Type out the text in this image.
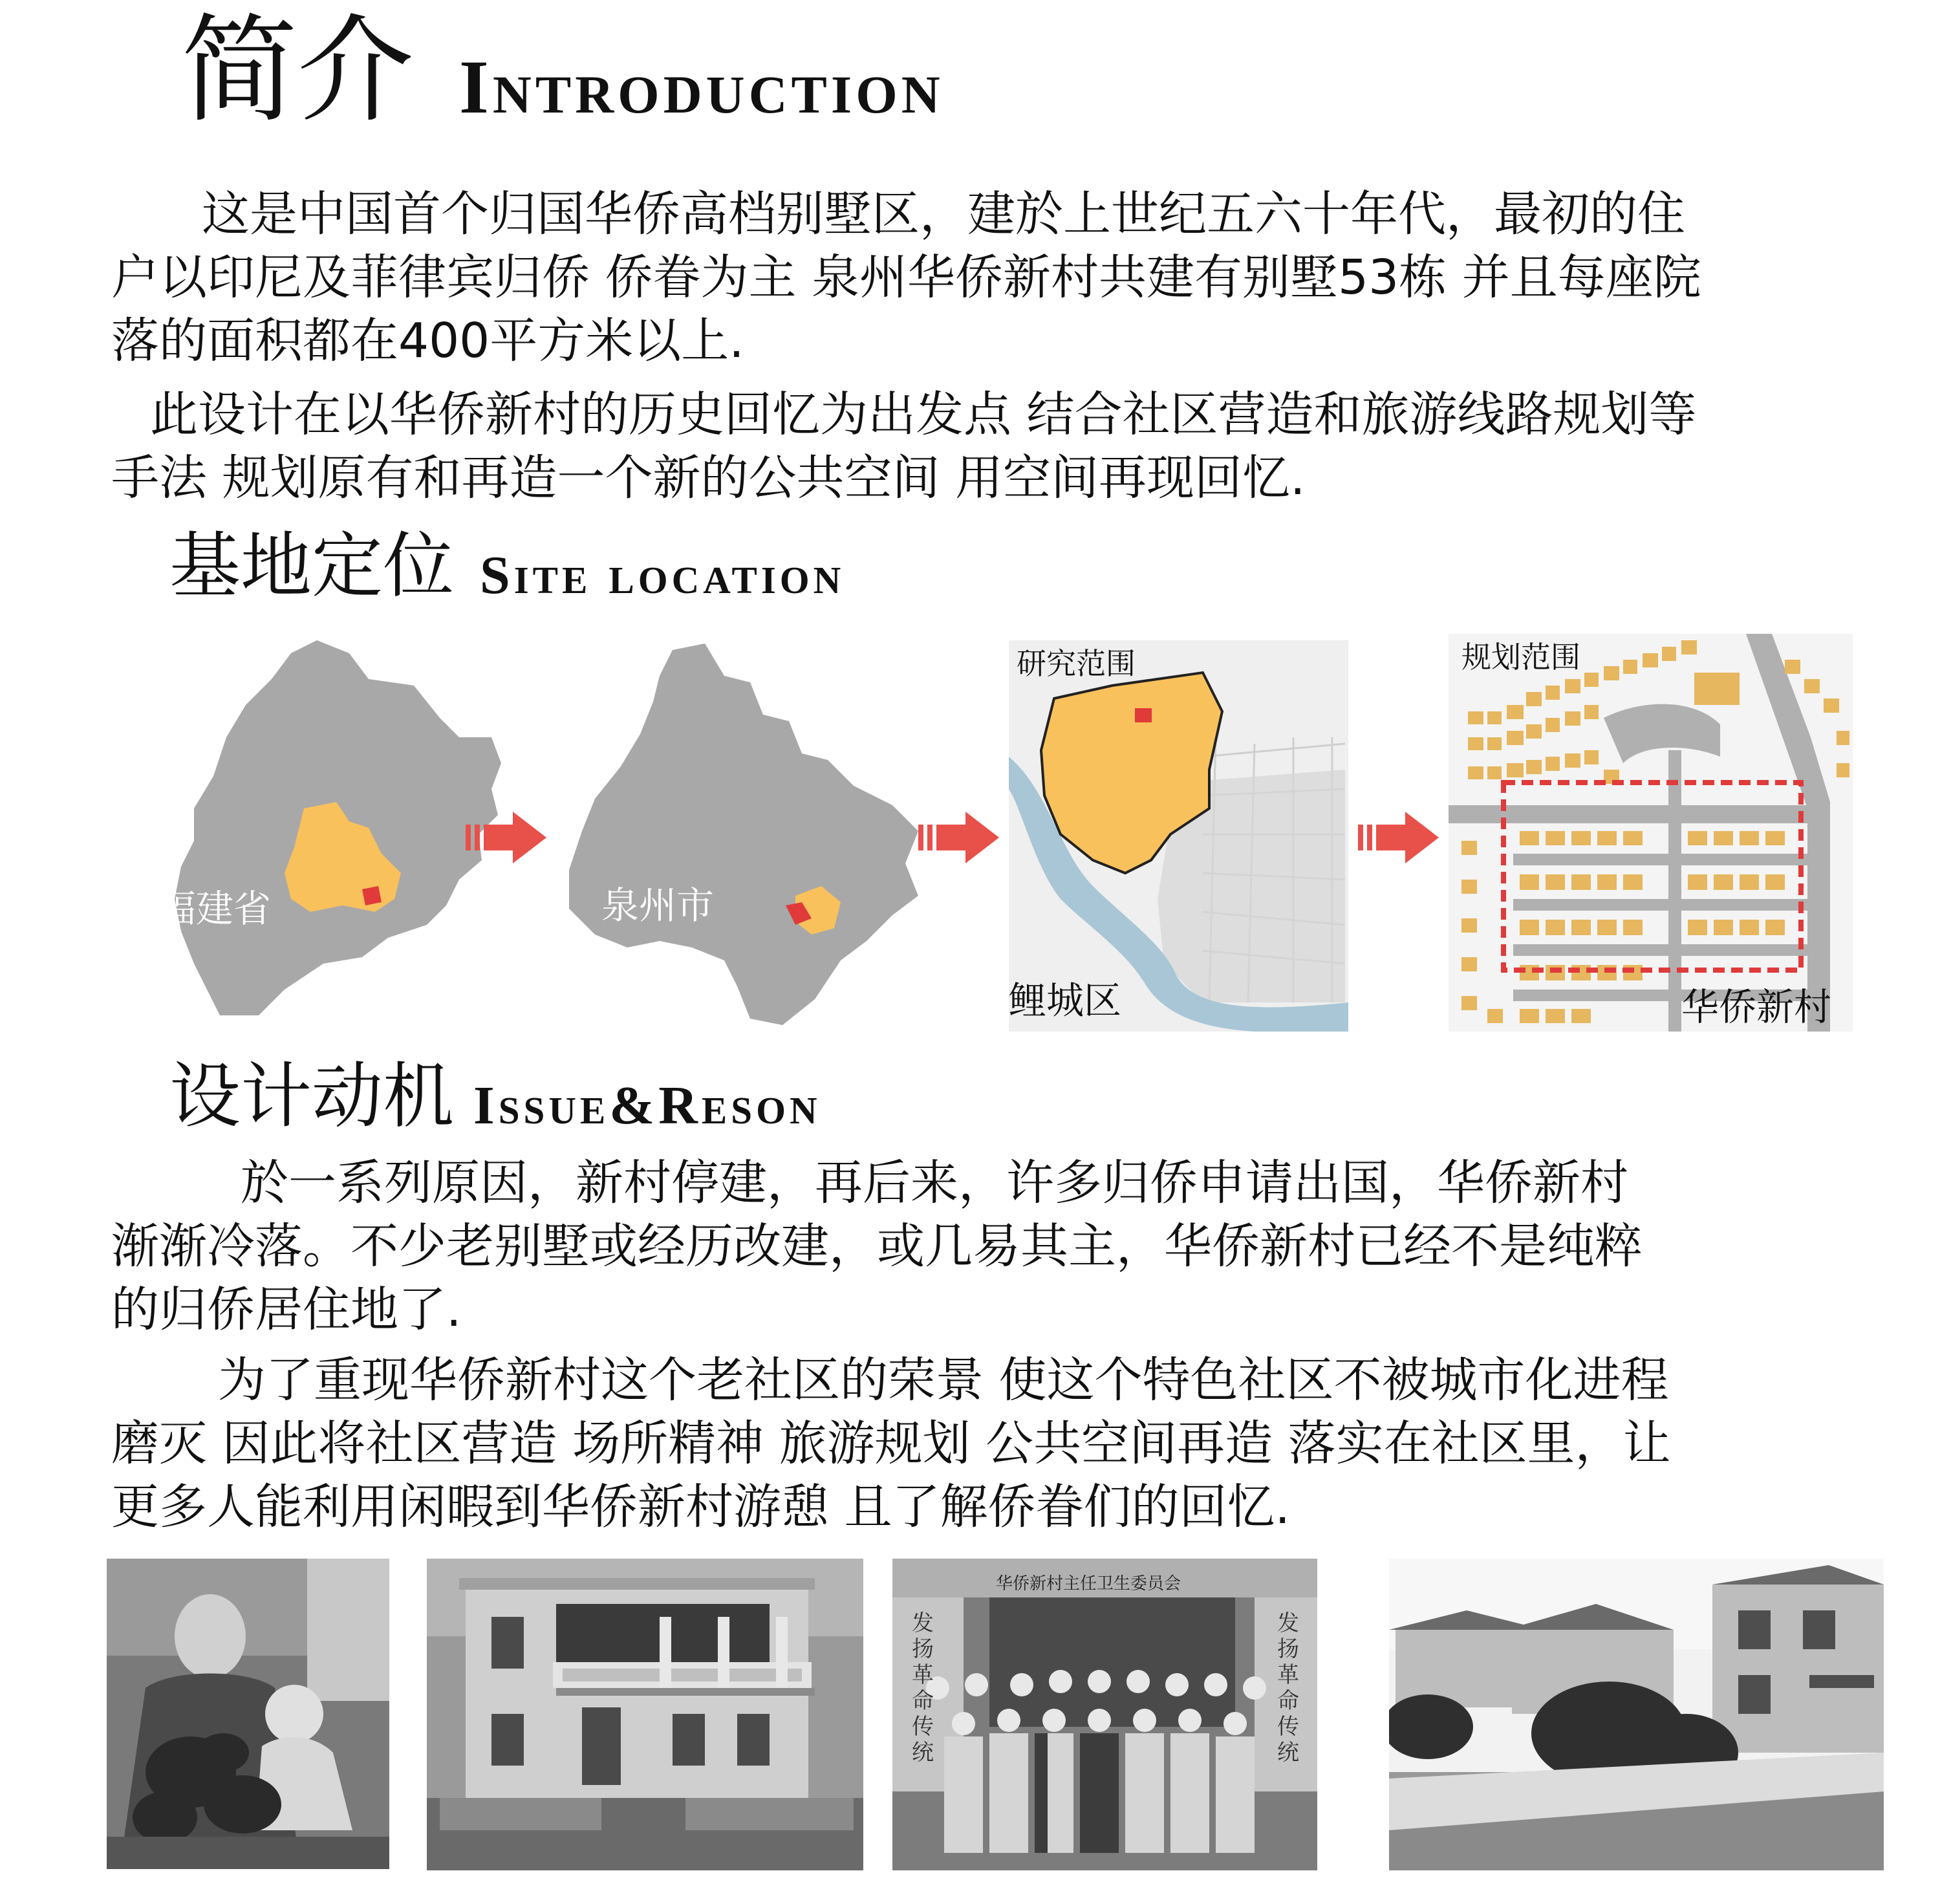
简介 Introduction
这是中国首个归国华侨高档别墅区，建於上世纪五六十年代，最初的住
户以印尼及菲律宾归侨 侨眷为主 泉州华侨新村共建有别墅53栋 并且每座院
落的面积都在400平方米以上.
此设计在以华侨新村的历史回忆为出发点 结合社区营造和旅游线路规划等
手法 规划原有和再造一个新的公共空间 用空间再现回忆.
基地定位 Site location
福建省	泉州市
研究范围
鲤城区
规划范围
华侨新村
设计动机 Issue&Reson
於一系列原因，新村停建，再后来，许多归侨申请出国，华侨新村
渐渐冷落。不少老别墅或经历改建，或几易其主，华侨新村已经不是纯粹
的归侨居住地了.
为了重现华侨新村这个老社区的荣景 使这个特色社区不被城市化进程
磨灭 因此将社区营造 场所精神 旅游规划 公共空间再造 落实在社区里，让
更多人能利用闲暇到华侨新村游憩 且了解侨眷们的回忆.
华侨新村主任卫生委员会
发扬革命传统
发扬革命传统
